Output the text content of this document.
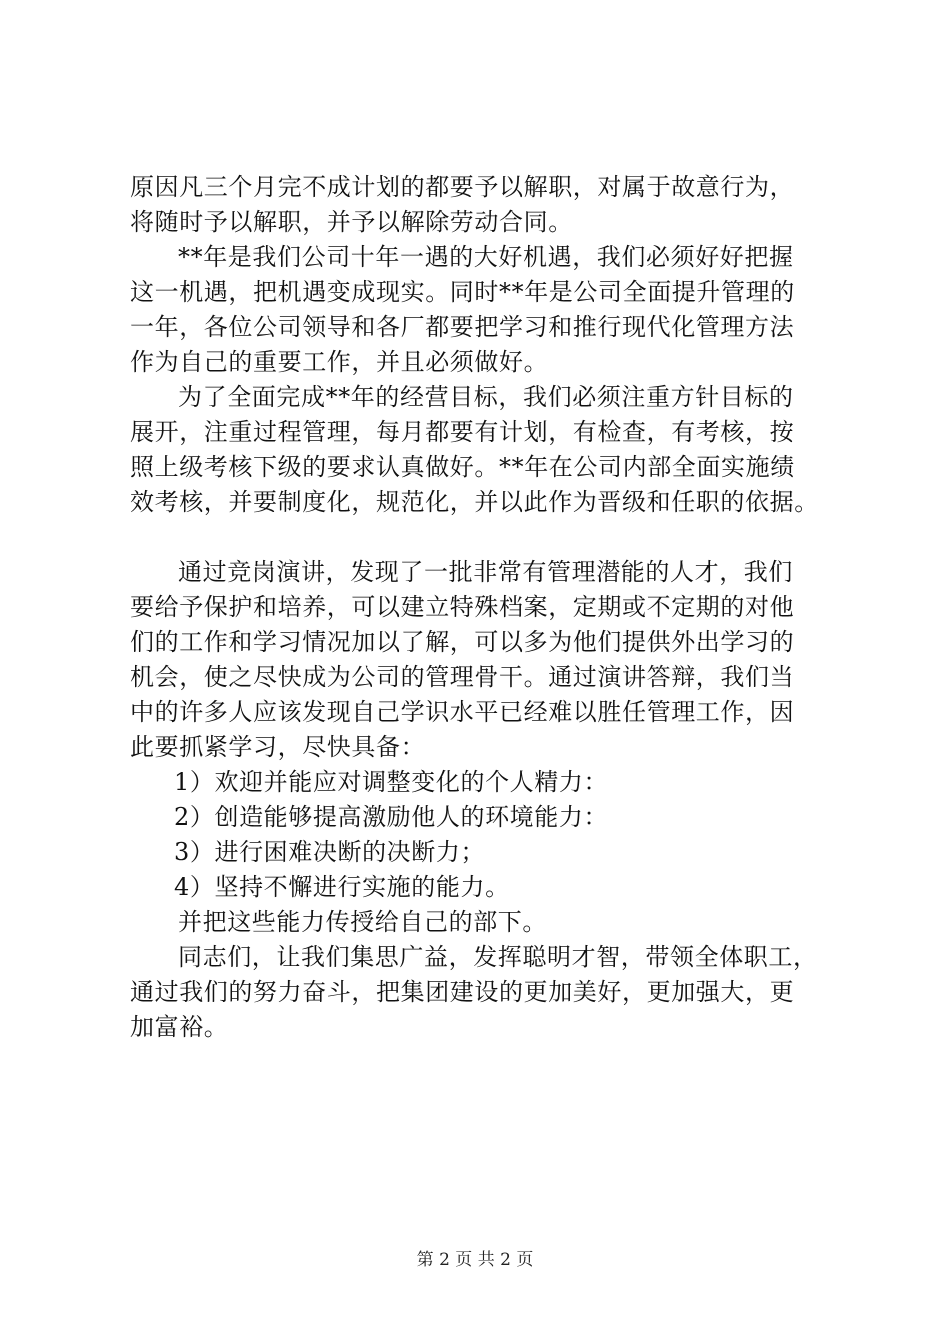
原因凡三个月完不成计划的都要予以解职，对属于故意行为，
将随时予以解职，并予以解除劳动合同。

**年是我们公司十年一遇的大好机遇，我们必须好好把握
这一机遇，把机遇变成现实。同时**年是公司全面提升管理的
一年，各位公司领导和各厂都要把学习和推行现代化管理方法
作为自己的重要工作，并且必须做好。

为了全面完成**年的经营目标，我们必须注重方针目标的
展开，注重过程管理，每月都要有计划，有检查，有考核，按
照上级考核下级的要求认真做好。**年在公司内部全面实施绩
效考核，并要制度化，规范化，并以此作为晋级和任职的依据。

通过竞岗演讲，发现了一批非常有管理潜能的人才，我们
要给予保护和培养，可以建立特殊档案，定期或不定期的对他
们的工作和学习情况加以了解，可以多为他们提供外出学习的
机会，使之尽快成为公司的管理骨干。通过演讲答辩，我们当
中的许多人应该发现自己学识水平已经难以胜任管理工作，因
此要抓紧学习，尽快具备：

1）欢迎并能应对调整变化的个人精力：

2）创造能够提高激励他人的环境能力：

3）进行困难决断的决断力；

4）坚持不懈进行实施的能力。

并把这些能力传授给自己的部下。

同志们，让我们集思广益，发挥聪明才智，带领全体职工，
通过我们的努力奋斗，把集团建设的更加美好，更加强大，更
加富裕。

第 2 页 共 2 页
